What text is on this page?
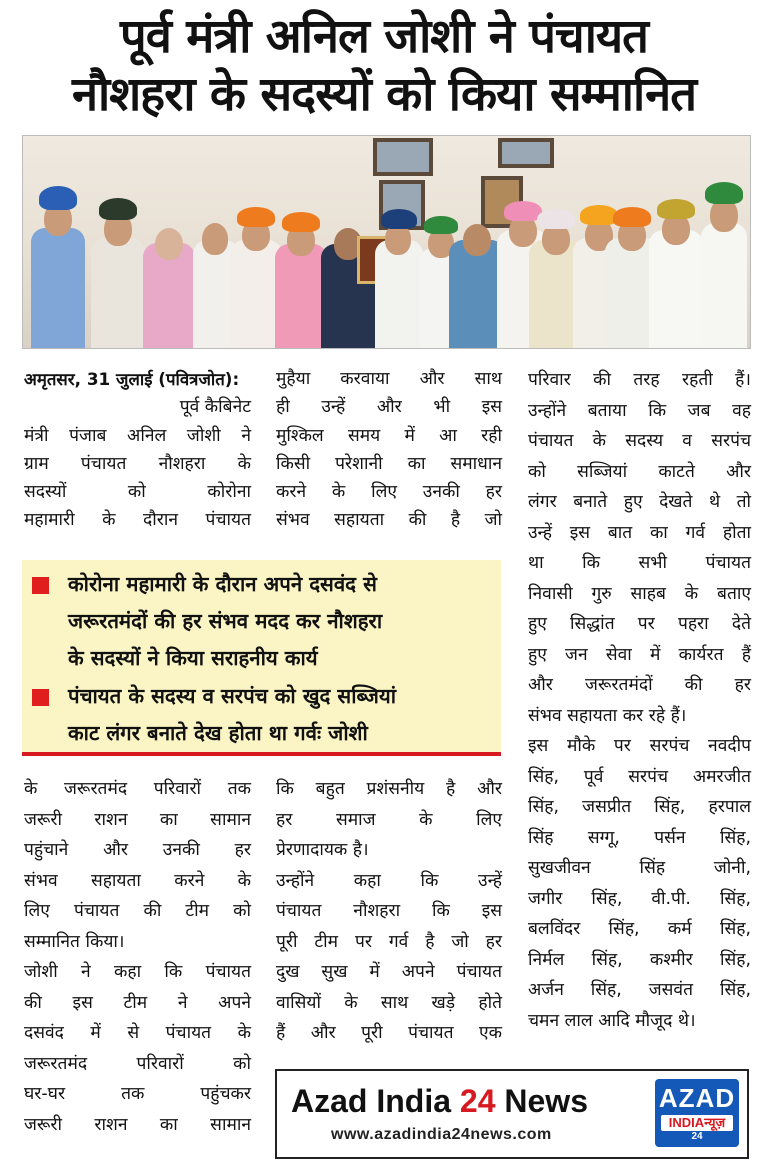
पूर्व मंत्री अनिल जोशी ने पंचायत
नौशहरा के सदस्यों को किया सम्मानित

अमृतसर, 31 जुलाई (पवित्रजोत):

पूर्व कैबिनेट

मंत्री पंजाब अनिल जोशी ने

ग्राम पंचायत नौशहरा के

सदस्यों को कोरोना

महामारी के दौरान पंचायत

मुहैया करवाया और साथ

ही उन्हें और भी इस

मुश्किल समय में आ रही

किसी परेशानी का समाधान

करने के लिए उनकी हर

संभव सहायता की है जो

कोरोना महामारी के दौरान अपने दसवंद से
जरूरतमंदों की हर संभव मदद कर नौशहरा
के सदस्यों ने किया सराहनीय कार्य
पंचायत के सदस्य व सरपंच को खुद सब्जियां
काट लंगर बनाते देख होता था गर्वः जोशी

के जरूरतमंद परिवारों तक

जरूरी राशन का सामान

पहुंचाने और उनकी हर

संभव सहायता करने के

लिए पंचायत की टीम को

सम्मानित किया।

जोशी ने कहा कि पंचायत

की इस टीम ने अपने

दसवंद में से पंचायत के

जरूरतमंद परिवारों को

घर-घर तक पहुंचकर

जरूरी राशन का सामान

कि बहुत प्रशंसनीय है और

हर समाज के लिए

प्रेरणादायक है।

उन्होंने कहा कि उन्हें

पंचायत नौशहरा कि इस

पूरी टीम पर गर्व है जो हर

दुख सुख में अपने पंचायत

वासियों के साथ खड़े होते

हैं और पूरी पंचायत एक

परिवार की तरह रहती हैं।

उन्होंने बताया कि जब वह

पंचायत के सदस्य व सरपंच

को सब्जियां काटते और

लंगर बनाते हुए देखते थे तो

उन्हें इस बात का गर्व होता

था कि सभी पंचायत

निवासी गुरु साहब के बताए

हुए सिद्धांत पर पहरा देते

हुए जन सेवा में कार्यरत हैं

और जरूरतमंदों की हर

संभव सहायता कर रहे हैं।

इस मौके पर सरपंच नवदीप

सिंह, पूर्व सरपंच अमरजीत

सिंह, जसप्रीत सिंह, हरपाल

सिंह सग्गू, पर्सन सिंह,

सुखजीवन सिंह जोनी,

जगीर सिंह, वी.पी. सिंह,

बलविंदर सिंह, कर्म सिंह,

निर्मल सिंह, कश्मीर सिंह,

अर्जन सिंह, जसवंत सिंह,

चमन लाल आदि मौजूद थे।

Azad India 24 News
www.azadindia24news.com
AZAD
INDIAन्यूज़
24
